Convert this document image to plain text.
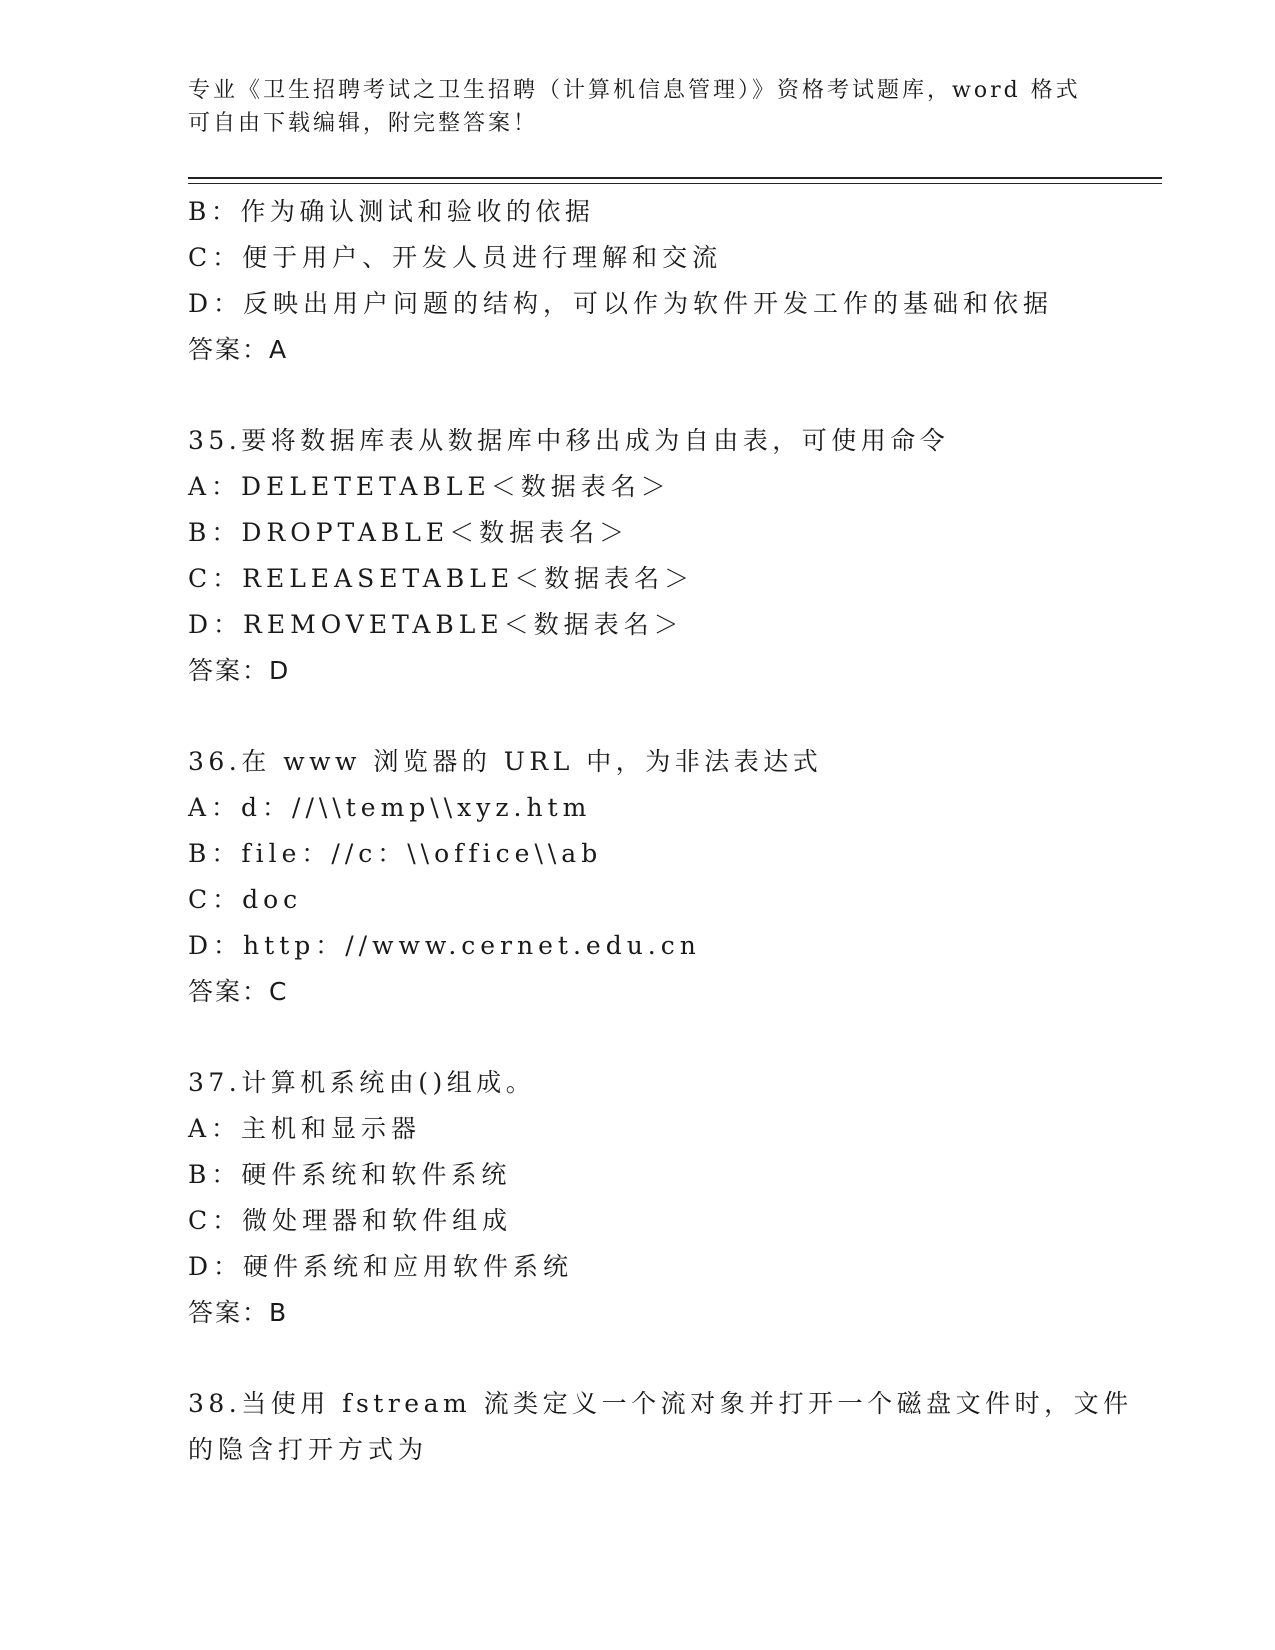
专业《卫生招聘考试之卫生招聘（计算机信息管理）》资格考试题库，word 格式
可自由下载编辑，附完整答案！
B：作为确认测试和验收的依据
C：便于用户、开发人员进行理解和交流
D：反映出用户问题的结构，可以作为软件开发工作的基础和依据
答案：A
35.要将数据库表从数据库中移出成为自由表，可使用命令
A：DELETETABLE＜数据表名＞
B：DROPTABLE＜数据表名＞
C：RELEASETABLE＜数据表名＞
D：REMOVETABLE＜数据表名＞
答案：D
36.在 www 浏览器的 URL 中，为非法表达式
A：d：//\\temp\\xyz.htm
B：file：//c：\\office\\ab
C：doc
D：http：//www.cernet.edu.cn
答案：C
37.计算机系统由()组成。
A：主机和显示器
B：硬件系统和软件系统
C：微处理器和软件组成
D：硬件系统和应用软件系统
答案：B
38.当使用 fstream 流类定义一个流对象并打开一个磁盘文件时，文件
的隐含打开方式为
